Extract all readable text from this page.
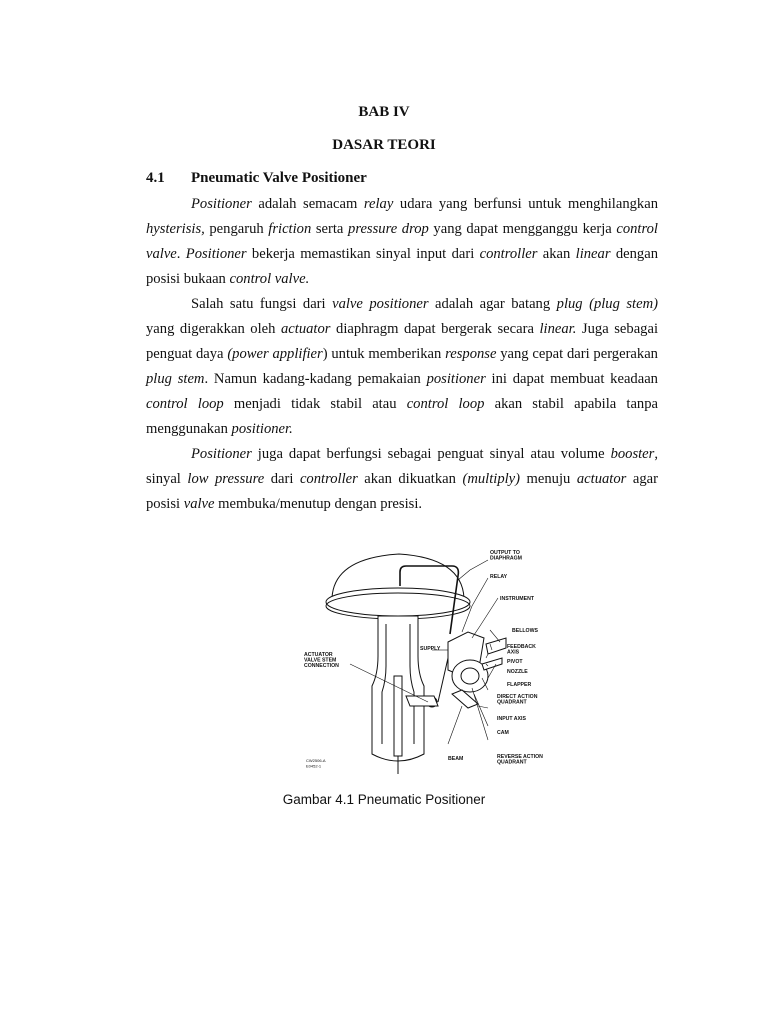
BAB IV
DASAR TEORI
4.1 Pneumatic Valve Positioner

Positioner adalah semacam relay udara yang berfunsi untuk menghilangkan hysterisis, pengaruh friction serta pressure drop yang dapat mengganggu kerja control valve. Positioner bekerja memastikan sinyal input dari controller akan linear dengan posisi bukaan control valve.

Salah satu fungsi dari valve positioner adalah agar batang plug (plug stem) yang digerakkan oleh actuator diaphragm dapat bergerak secara linear. Juga sebagai penguat daya (power applifier) untuk memberikan response yang cepat dari pergerakan plug stem. Namun kadang-kadang pemakaian positioner ini dapat membuat keadaan control loop menjadi tidak stabil atau control loop akan stabil apabila tanpa menggunakan positioner.

Positioner juga dapat berfungsi sebagai penguat sinyal atau volume booster, sinyal low pressure dari controller akan dikuatkan (multiply) menuju actuator agar posisi valve membuka/menutup dengan presisi.

OUTPUT TO DIAPHRAGM
RELAY
INSTRUMENT
BELLOWS
FEEDBACK AXIS
PIVOT
NOZZLE
FLAPPER
DIRECT ACTION QUADRANT
INPUT AXIS
CAM
REVERSE ACTION QUADRANT
BEAM
SUPPLY
ACTUATOR VALVE STEM CONNECTION
CW2506-A E0452-1
Gambar 4.1 Pneumatic Positioner
